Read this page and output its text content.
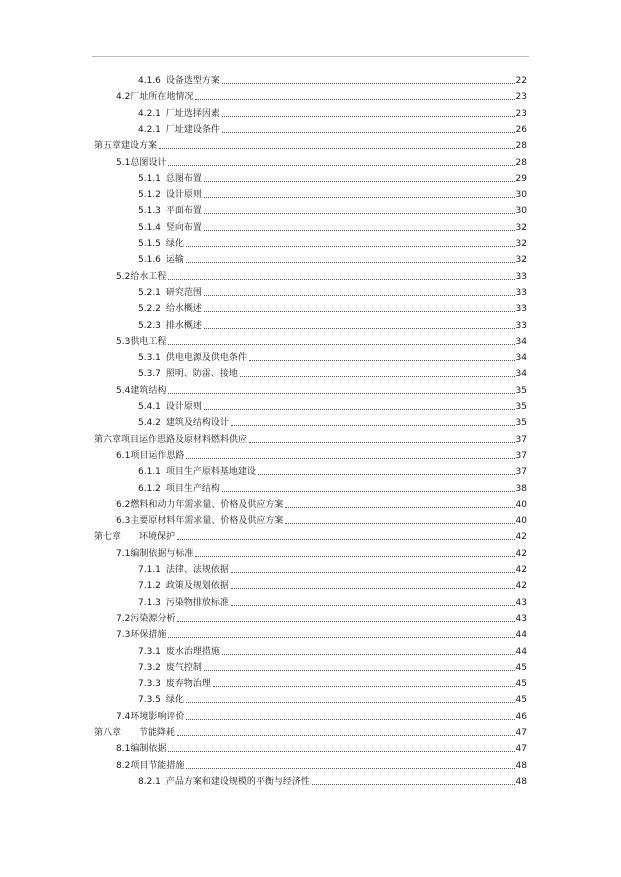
4.1.6 设备选型方案	22
4.2 厂址所在地情况	23
4.2.1 厂址选择因素	23
4.2.1 厂址建设条件	26
第五章 建设方案	28
5.1 总图设计	28
5.1.1 总图布置	29
5.1.2 设计原则	30
5.1.3 平面布置	30
5.1.4 竖向布置	32
5.1.5 绿化	32
5.1.6 运输	32
5.2 给水工程	33
5.2.1 研究范围	33
5.2.2 给水概述	33
5.2.3 排水概述	33
5.3 供电工程	34
5.3.1 供电电源及供电条件	34
5.3.7 照明、防雷、接地	34
5.4 建筑结构	35
5.4.1 设计原则	35
5.4.2 建筑及结构设计	35
第六章 项目运作思路及原材料燃料供应	37
6.1 项目运作思路	37
6.1.1 项目生产原料基地建设	37
6.1.2 项目生产结构	38
6.2 燃料和动力年需求量、价格及供应方案	40
6.3 主要原材料年需求量、价格及供应方案	40
第七章 环境保护	42
7.1 编制依据与标准	42
7.1.1 法律、法规依据	42
7.1.2 政策及规划依据	42
7.1.3 污染物排放标准	43
7.2 污染源分析	43
7.3 环保措施	44
7.3.1 废水治理措施	44
7.3.2 废气控制	45
7.3.3 废弃物治理	45
7.3.5 绿化	45
7.4 环境影响评价	46
第八章 节能降耗	47
8.1 编制依据	47
8.2 项目节能措施	48
8.2.1 产品方案和建设规模的平衡与经济性	48
